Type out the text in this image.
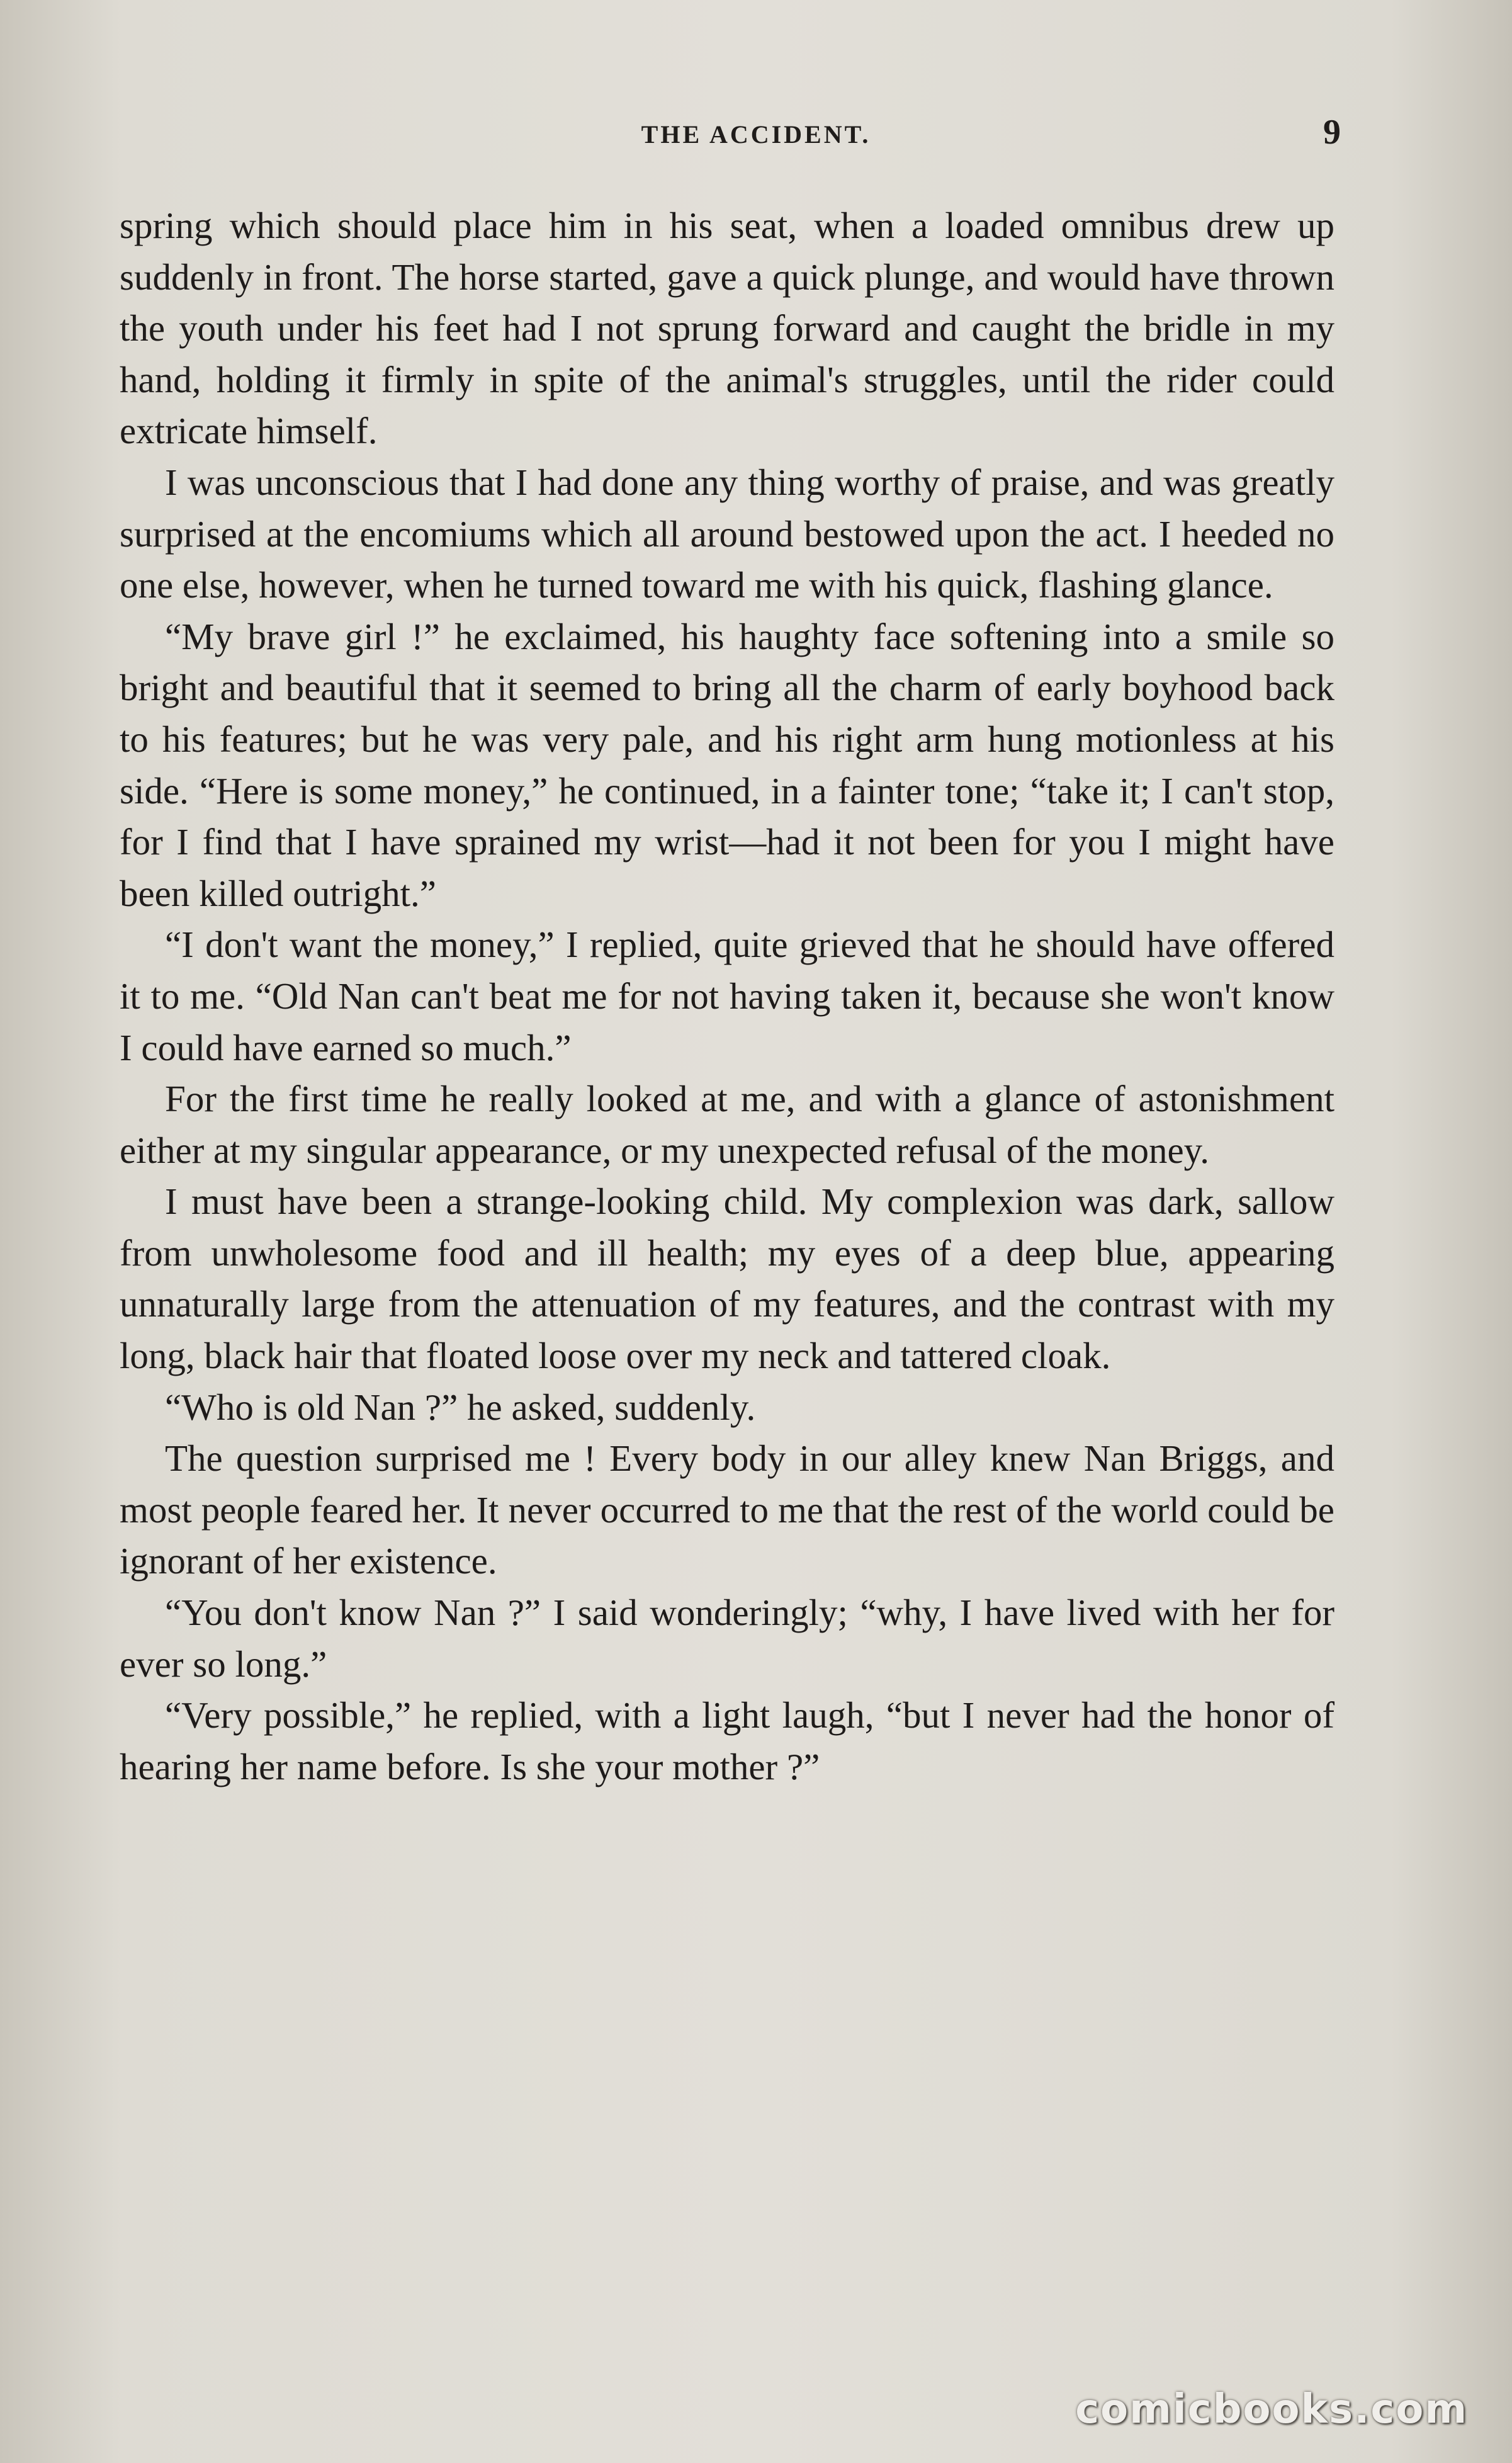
THE ACCIDENT.	9

spring which should place him in his seat, when a loaded omnibus drew up suddenly in front. The horse started, gave a quick plunge, and would have thrown the youth under his feet had I not sprung forward and caught the bridle in my hand, holding it firmly in spite of the animal's struggles, until the rider could extricate himself.

I was unconscious that I had done any thing worthy of praise, and was greatly surprised at the encomiums which all around bestowed upon the act. I heeded no one else, however, when he turned toward me with his quick, flashing glance.

“My brave girl !” he exclaimed, his haughty face softening into a smile so bright and beautiful that it seemed to bring all the charm of early boyhood back to his features; but he was very pale, and his right arm hung motionless at his side. “Here is some money,” he continued, in a fainter tone; “take it; I can't stop, for I find that I have sprained my wrist—had it not been for you I might have been killed outright.”

“I don't want the money,” I replied, quite grieved that he should have offered it to me. “Old Nan can't beat me for not having taken it, because she won't know I could have earned so much.”

For the first time he really looked at me, and with a glance of astonishment either at my singular appearance, or my unexpected refusal of the money.

I must have been a strange-looking child. My complexion was dark, sallow from unwholesome food and ill health; my eyes of a deep blue, appearing unnaturally large from the attenuation of my features, and the contrast with my long, black hair that floated loose over my neck and tattered cloak.

“Who is old Nan ?” he asked, suddenly.

The question surprised me ! Every body in our alley knew Nan Briggs, and most people feared her. It never occurred to me that the rest of the world could be ignorant of her existence.

“You don't know Nan ?” I said wonderingly; “why, I have lived with her for ever so long.”

“Very possible,” he replied, with a light laugh, “but I never had the honor of hearing her name before. Is she your mother ?”

comicbooks.com
